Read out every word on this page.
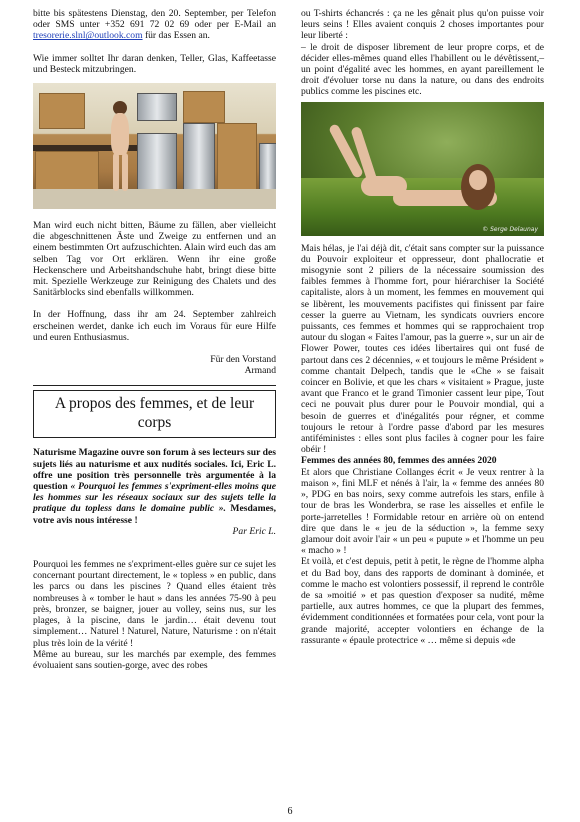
bitte bis spätestens Dienstag, den 20. September, per Telefon oder SMS unter +352 691 72 02 69 oder per E-Mail an tresorerie.slnl@outlook.com für das Essen an.

Wie immer solltet Ihr daran denken, Teller, Glas, Kaffeetasse und Besteck mitzubringen.

Man wird euch nicht bitten, Bäume zu fällen, aber vielleicht die abgeschnittenen Äste und Zweige zu entfernen und an einem bestimmten Ort aufzuschichten. Alain wird euch das am selben Tag vor Ort erklären. Wenn ihr eine große Heckenschere und Arbeitshandschuhe habt, bringt diese bitte mit. Spezielle Werkzeuge zur Reinigung des Chalets und des Sanitärblocks sind ebenfalls willkommen.

In der Hoffnung, dass ihr am 24. September zahlreich erscheinen werdet, danke ich euch im Voraus für eure Hilfe und euren Enthusiasmus.

Für den Vorstand
Armand
A propos des femmes, et de leur corps

Naturisme Magazine ouvre son forum à ses lecteurs sur des sujets liés au naturisme et aux nudités sociales. Ici, Eric L. offre une position très personnelle très argumentée à la question « Pourquoi les femmes s'expriment-elles moins que les hommes sur les réseaux sociaux sur des sujets telle la pratique du topless dans le domaine public ». Mesdames, votre avis nous intéresse !

Par Eric L.

Pourquoi les femmes ne s'expriment-elles guère sur ce sujet les concernant pourtant directement, le « topless » en public, dans les parcs ou dans les piscines ? Quand elles étaient très nombreuses à « tomber le haut » dans les années 75-90 à peu près, bronzer, se baigner, jouer au volley, seins nus, sur les plages, à la piscine, dans le jardin… était devenu tout simplement… Naturel ! Naturel, Nature, Naturisme : on n'était plus très loin de la vérité !

Même au bureau, sur les marchés par exemple, des femmes évoluaient sans soutien-gorge, avec des robes

ou T-shirts échancrés : ça ne les gênait plus qu'on puisse voir leurs seins ! Elles avaient conquis 2 choses importantes pour leur liberté :

– le droit de disposer librement de leur propre corps, et de décider elles-mêmes quand elles l'habillent ou le dévêtissent,– un point d'égalité avec les hommes, en ayant pareillement le droit d'évoluer torse nu dans la nature, ou dans des endroits publics comme les piscines etc.

© Serge Delaunay

Mais hélas, je l'ai déjà dit, c'était sans compter sur la puissance du Pouvoir exploiteur et oppresseur, dont phallocratie et misogynie sont 2 piliers de la nécessaire soumission des faibles femmes à l'homme fort, pour hiérarchiser la Société capitaliste, alors à un moment, les femmes en mouvement qui se libèrent, les mouvements pacifistes qui finissent par faire cesser la guerre au Vietnam, les syndicats ouvriers encore puissants, ces femmes et hommes qui se rapprochaient trop autour du slogan « Faites l'amour, pas la guerre », sur un air de Flower Power, toutes ces idées libertaires qui ont fusé de partout dans ces 2 décennies, « et toujours le même Président » comme chantait Delpech, tandis que le «Che » se faisait coincer en Bolivie, et que les chars « visitaient » Prague, juste avant que Franco et le grand Timonier cassent leur pipe, Tout ceci ne pouvait plus durer pour le Pouvoir mondial, qui a besoin de guerres et d'inégalités pour régner, et comme toujours le retour à l'ordre passe d'abord par les mesures antiféministes : elles sont plus faciles à cogner pour les faire obéir !

Femmes des années 80, femmes des années 2020

Et alors que Christiane Collanges écrit « Je veux rentrer à la maison », fini MLF et nénés à l'air, la « femme des années 80 », PDG en bas noirs, sexy comme autrefois les stars, enfile à tour de bras les Wonderbra, se rase les aisselles et enfile le porte-jarretelles ! Formidable retour en arrière où on entend dire que dans le « jeu de la séduction », la femme sexy glamour doit avoir l'air « un peu « pupute » et l'homme un peu « macho » !

Et voilà, et c'est depuis, petit à petit, le règne de l'homme alpha et du Bad boy, dans des rapports de dominant à dominée, et comme le macho est volontiers possessif, il reprend le contrôle de sa »moitié » et pas question d'exposer sa nudité, même partielle, aux autres hommes, ce que la plupart des femmes, évidemment conditionnées et formatées pour cela, vont pour la grande majorité, accepter volontiers en échange de la rassurante « épaule protectrice « … même si depuis «de

6
